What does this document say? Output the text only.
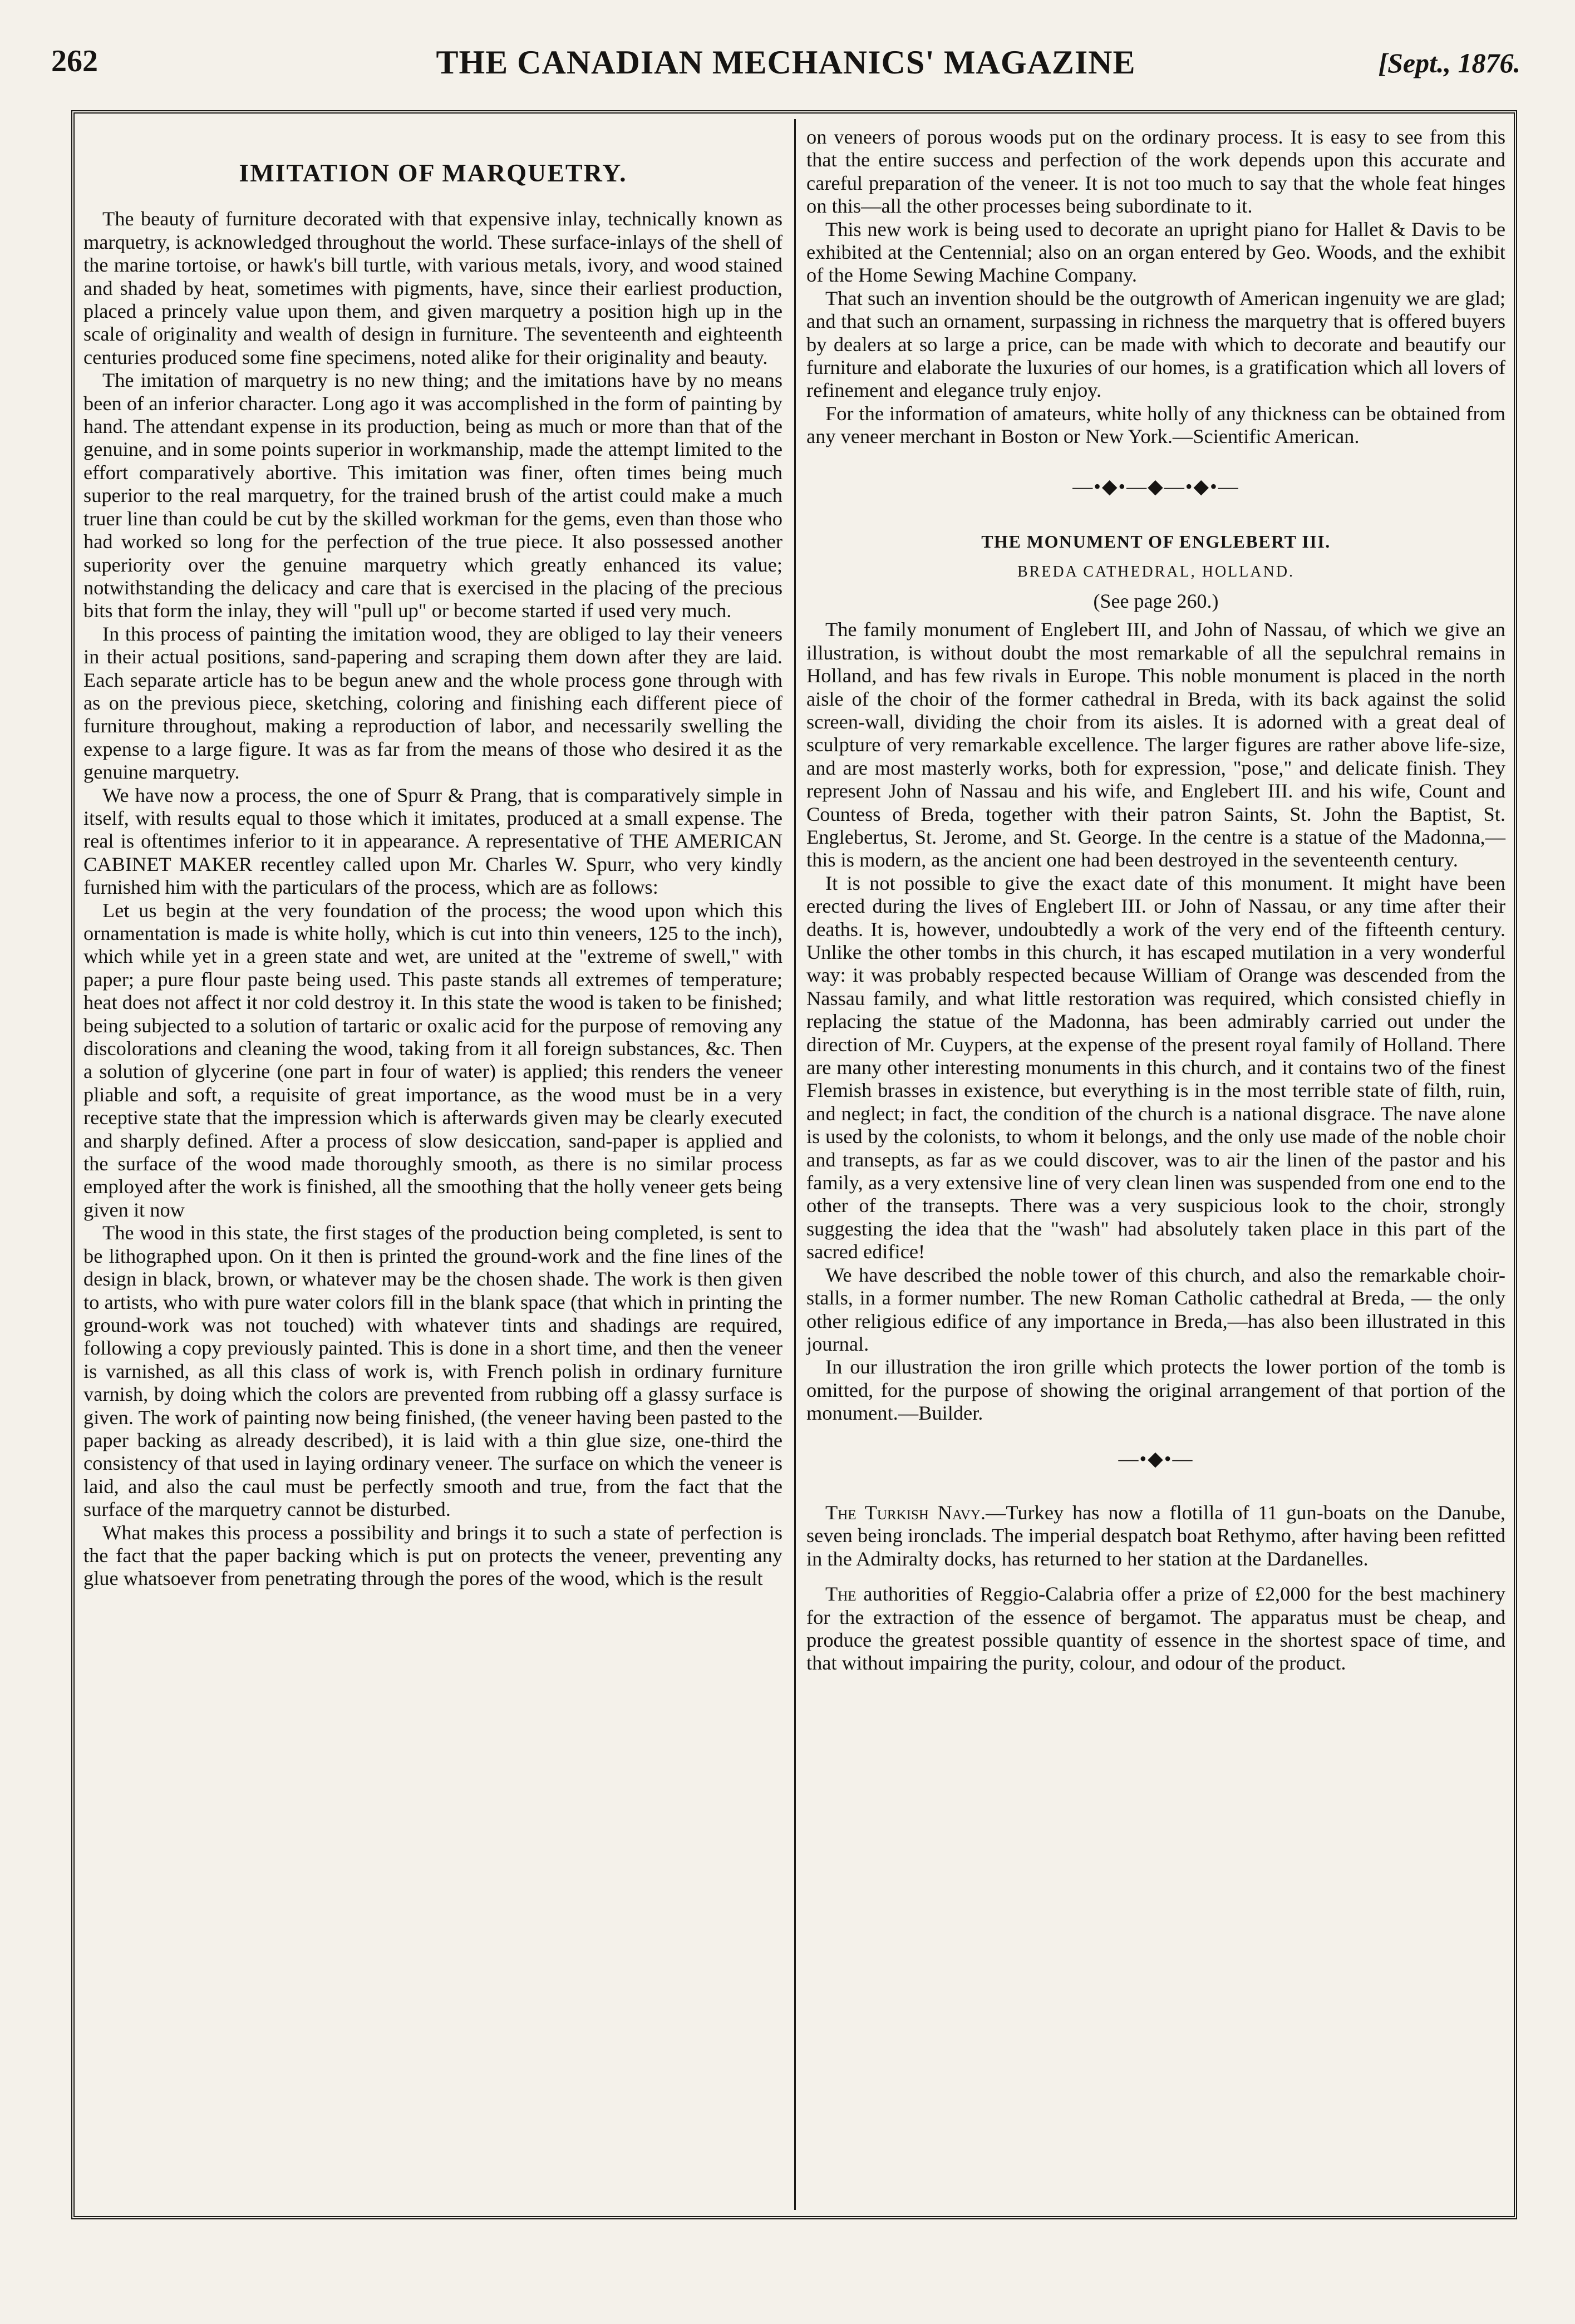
262	THE CANADIAN MECHANICS' MAGAZINE	[Sept., 1876.
IMITATION OF MARQUETRY.

The beauty of furniture decorated with that expensive inlay, technically known as marquetry, is acknowledged throughout the world. These surface-inlays of the shell of the marine tortoise, or hawk's bill turtle, with various metals, ivory, and wood stained and shaded by heat, sometimes with pigments, have, since their earliest production, placed a princely value upon them, and given marquetry a position high up in the scale of originality and wealth of design in furniture. The seventeenth and eighteenth centuries produced some fine specimens, noted alike for their originality and beauty.

The imitation of marquetry is no new thing; and the imitations have by no means been of an inferior character. Long ago it was accomplished in the form of painting by hand. The attendant expense in its production, being as much or more than that of the genuine, and in some points superior in workmanship, made the attempt limited to the effort comparatively abortive. This imitation was finer, often times being much superior to the real marquetry, for the trained brush of the artist could make a much truer line than could be cut by the skilled workman for the gems, even than those who had worked so long for the perfection of the true piece. It also possessed another superiority over the genuine marquetry which greatly enhanced its value; notwithstanding the delicacy and care that is exercised in the placing of the precious bits that form the inlay, they will "pull up" or become started if used very much.

In this process of painting the imitation wood, they are obliged to lay their veneers in their actual positions, sand-papering and scraping them down after they are laid. Each separate article has to be begun anew and the whole process gone through with as on the previous piece, sketching, coloring and finishing each different piece of furniture throughout, making a reproduction of labor, and necessarily swelling the expense to a large figure. It was as far from the means of those who desired it as the genuine marquetry.

We have now a process, the one of Spurr & Prang, that is comparatively simple in itself, with results equal to those which it imitates, produced at a small expense. The real is oftentimes inferior to it in appearance. A representative of THE AMERICAN CABINET MAKER recentley called upon Mr. Charles W. Spurr, who very kindly furnished him with the particulars of the process, which are as follows:

Let us begin at the very foundation of the process; the wood upon which this ornamentation is made is white holly, which is cut into thin veneers, 125 to the inch), which while yet in a green state and wet, are united at the "extreme of swell," with paper; a pure flour paste being used. This paste stands all extremes of temperature; heat does not affect it nor cold destroy it. In this state the wood is taken to be finished; being subjected to a solution of tartaric or oxalic acid for the purpose of removing any discolorations and cleaning the wood, taking from it all foreign substances, &c. Then a solution of glycerine (one part in four of water) is applied; this renders the veneer pliable and soft, a requisite of great importance, as the wood must be in a very receptive state that the impression which is afterwards given may be clearly executed and sharply defined. After a process of slow desiccation, sand-paper is applied and the surface of the wood made thoroughly smooth, as there is no similar process employed after the work is finished, all the smoothing that the holly veneer gets being given it now

The wood in this state, the first stages of the production being completed, is sent to be lithographed upon. On it then is printed the ground-work and the fine lines of the design in black, brown, or whatever may be the chosen shade. The work is then given to artists, who with pure water colors fill in the blank space (that which in printing the ground-work was not touched) with whatever tints and shadings are required, following a copy previously painted. This is done in a short time, and then the veneer is varnished, as all this class of work is, with French polish in ordinary furniture varnish, by doing which the colors are prevented from rubbing off a glassy surface is given. The work of painting now being finished, (the veneer having been pasted to the paper backing as already described), it is laid with a thin glue size, one-third the consistency of that used in laying ordinary veneer. The surface on which the veneer is laid, and also the caul must be perfectly smooth and true, from the fact that the surface of the marquetry cannot be disturbed.

What makes this process a possibility and brings it to such a state of perfection is the fact that the paper backing which is put on protects the veneer, preventing any glue whatsoever from penetrating through the pores of the wood, which is the result

on veneers of porous woods put on the ordinary process. It is easy to see from this that the entire success and perfection of the work depends upon this accurate and careful preparation of the veneer. It is not too much to say that the whole feat hinges on this—all the other processes being subordinate to it.

This new work is being used to decorate an upright piano for Hallet & Davis to be exhibited at the Centennial; also on an organ entered by Geo. Woods, and the exhibit of the Home Sewing Machine Company.

That such an invention should be the outgrowth of American ingenuity we are glad; and that such an ornament, surpassing in richness the marquetry that is offered buyers by dealers at so large a price, can be made with which to decorate and beautify our furniture and elaborate the luxuries of our homes, is a gratification which all lovers of refinement and elegance truly enjoy.

For the information of amateurs, white holly of any thickness can be obtained from any veneer merchant in Boston or New York.—Scientific American.

—•◆•—◆—•◆•—
THE MONUMENT OF ENGLEBERT III.
BREDA CATHEDRAL, HOLLAND.
(See page 260.)

The family monument of Englebert III, and John of Nassau, of which we give an illustration, is without doubt the most remarkable of all the sepulchral remains in Holland, and has few rivals in Europe. This noble monument is placed in the north aisle of the choir of the former cathedral in Breda, with its back against the solid screen-wall, dividing the choir from its aisles. It is adorned with a great deal of sculpture of very remarkable excellence. The larger figures are rather above life-size, and are most masterly works, both for expression, "pose," and delicate finish. They represent John of Nassau and his wife, and Englebert III. and his wife, Count and Countess of Breda, together with their patron Saints, St. John the Baptist, St. Englebertus, St. Jerome, and St. George. In the centre is a statue of the Madonna,—this is modern, as the ancient one had been destroyed in the seventeenth century.

It is not possible to give the exact date of this monument. It might have been erected during the lives of Englebert III. or John of Nassau, or any time after their deaths. It is, however, undoubtedly a work of the very end of the fifteenth century. Unlike the other tombs in this church, it has escaped mutilation in a very wonderful way: it was probably respected because William of Orange was descended from the Nassau family, and what little restoration was required, which consisted chiefly in replacing the statue of the Madonna, has been admirably carried out under the direction of Mr. Cuypers, at the expense of the present royal family of Holland. There are many other interesting monuments in this church, and it contains two of the finest Flemish brasses in existence, but everything is in the most terrible state of filth, ruin, and neglect; in fact, the condition of the church is a national disgrace. The nave alone is used by the colonists, to whom it belongs, and the only use made of the noble choir and transepts, as far as we could discover, was to air the linen of the pastor and his family, as a very extensive line of very clean linen was suspended from one end to the other of the transepts. There was a very suspicious look to the choir, strongly suggesting the idea that the "wash" had absolutely taken place in this part of the sacred edifice!

We have described the noble tower of this church, and also the remarkable choir-stalls, in a former number. The new Roman Catholic cathedral at Breda, — the only other religious edifice of any importance in Breda,—has also been illustrated in this journal.

In our illustration the iron grille which protects the lower portion of the tomb is omitted, for the purpose of showing the original arrangement of that portion of the monument.—Builder.

—•◆•—

The Turkish Navy.—Turkey has now a flotilla of 11 gun-boats on the Danube, seven being ironclads. The imperial despatch boat Rethymo, after having been refitted in the Admiralty docks, has returned to her station at the Dardanelles.

The authorities of Reggio-Calabria offer a prize of £2,000 for the best machinery for the extraction of the essence of bergamot. The apparatus must be cheap, and produce the greatest possible quantity of essence in the shortest space of time, and that without impairing the purity, colour, and odour of the product.
